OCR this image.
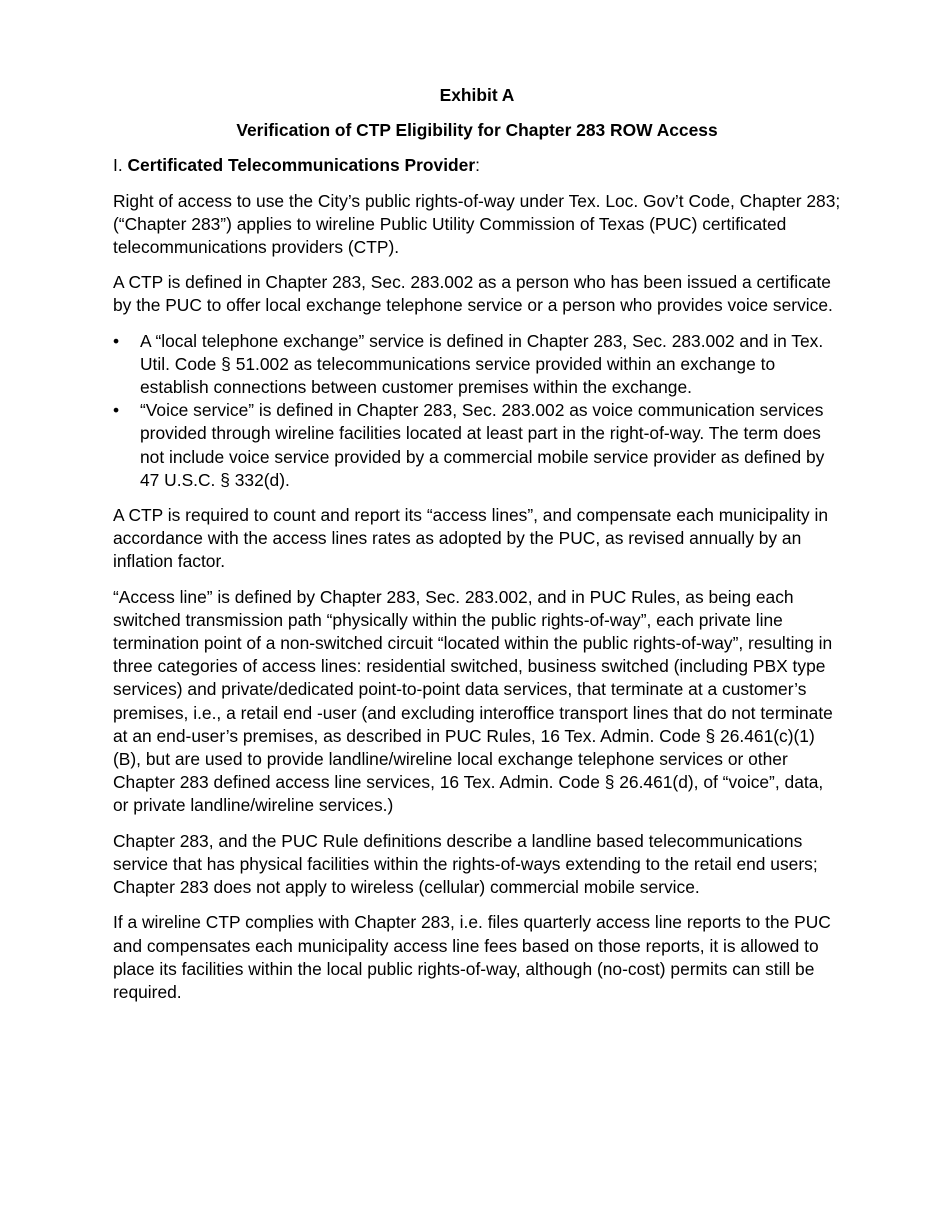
Exhibit A

Verification of CTP Eligibility for Chapter 283 ROW Access

I. Certificated Telecommunications Provider:

Right of access to use the City’s public rights-of-way under Tex. Loc. Gov’t Code, Chapter 283; (“Chapter 283”) applies to wireline Public Utility Commission of Texas (PUC) certificated telecommunications providers (CTP).

A CTP is defined in Chapter 283, Sec. 283.002 as a person who has been issued a certificate by the PUC to offer local exchange telephone service or a person who provides voice service.

•	A “local telephone exchange” service is defined in Chapter 283, Sec. 283.002 and in Tex. Util. Code § 51.002 as telecommunications service provided within an exchange to establish connections between customer premises within the exchange.
•	“Voice service” is defined in Chapter 283, Sec. 283.002 as voice communication services provided through wireline facilities located at least part in the right-of-way. The term does not include voice service provided by a commercial mobile service provider as defined by 47 U.S.C. § 332(d).

A CTP is required to count and report its “access lines”, and compensate each municipality in accordance with the access lines rates as adopted by the PUC, as revised annually by an inflation factor.

“Access line” is defined by Chapter 283, Sec. 283.002, and in PUC Rules, as being each switched transmission path “physically within the public rights-of-way”, each private line termination point of a non-switched circuit “located within the public rights-of-way”, resulting in three categories of access lines: residential switched, business switched (including PBX type services) and private/dedicated point-to-point data services, that terminate at a customer’s premises, i.e., a retail end -user (and excluding interoffice transport lines that do not terminate at an end-user’s premises, as described in PUC Rules, 16 Tex. Admin. Code § 26.461(c)(1)(B), but are used to provide landline/wireline local exchange telephone services or other Chapter 283 defined access line services, 16 Tex. Admin. Code § 26.461(d), of “voice”, data, or private landline/wireline services.)

Chapter 283, and the PUC Rule definitions describe a landline based telecommunications service that has physical facilities within the rights-of-ways extending to the retail end users; Chapter 283 does not apply to wireless (cellular) commercial mobile service.

If a wireline CTP complies with Chapter 283, i.e. files quarterly access line reports to the PUC and compensates each municipality access line fees based on those reports, it is allowed to place its facilities within the local public rights-of-way, although (no-cost) permits can still be required.
